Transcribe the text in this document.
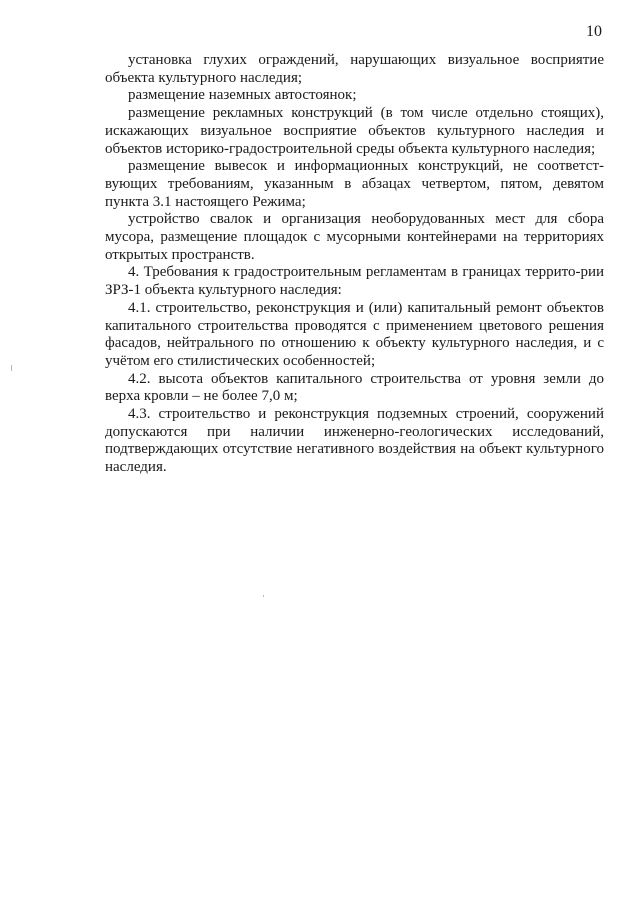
10

установка глухих ограждений, нарушающих визуальное восприятие объекта культурного наследия;

размещение наземных автостоянок;

размещение рекламных конструкций (в том числе отдельно стоящих), искажающих визуальное восприятие объектов культурного наследия и объектов историко-градостроительной среды объекта культурного наследия;

размещение вывесок и информационных конструкций, не соответст-вующих требованиям, указанным в абзацах четвертом, пятом, девятом пункта 3.1 настоящего Режима;

устройство свалок и организация необорудованных мест для сбора мусора, размещение площадок с мусорными контейнерами на территориях открытых пространств.

4. Требования к градостроительным регламентам в границах террито-рии ЗРЗ-1 объекта культурного наследия:

4.1. строительство, реконструкция и (или) капитальный ремонт объектов капитального строительства проводятся с применением цветового решения фасадов, нейтрального по отношению к объекту культурного наследия, и с учётом его стилистических особенностей;

4.2. высота объектов капитального строительства от уровня земли до верха кровли – не более 7,0 м;

4.3. строительство и реконструкция подземных строений, сооружений допускаются при наличии инженерно-геологических исследований, подтверждающих отсутствие негативного воздействия на объект культурного наследия.
